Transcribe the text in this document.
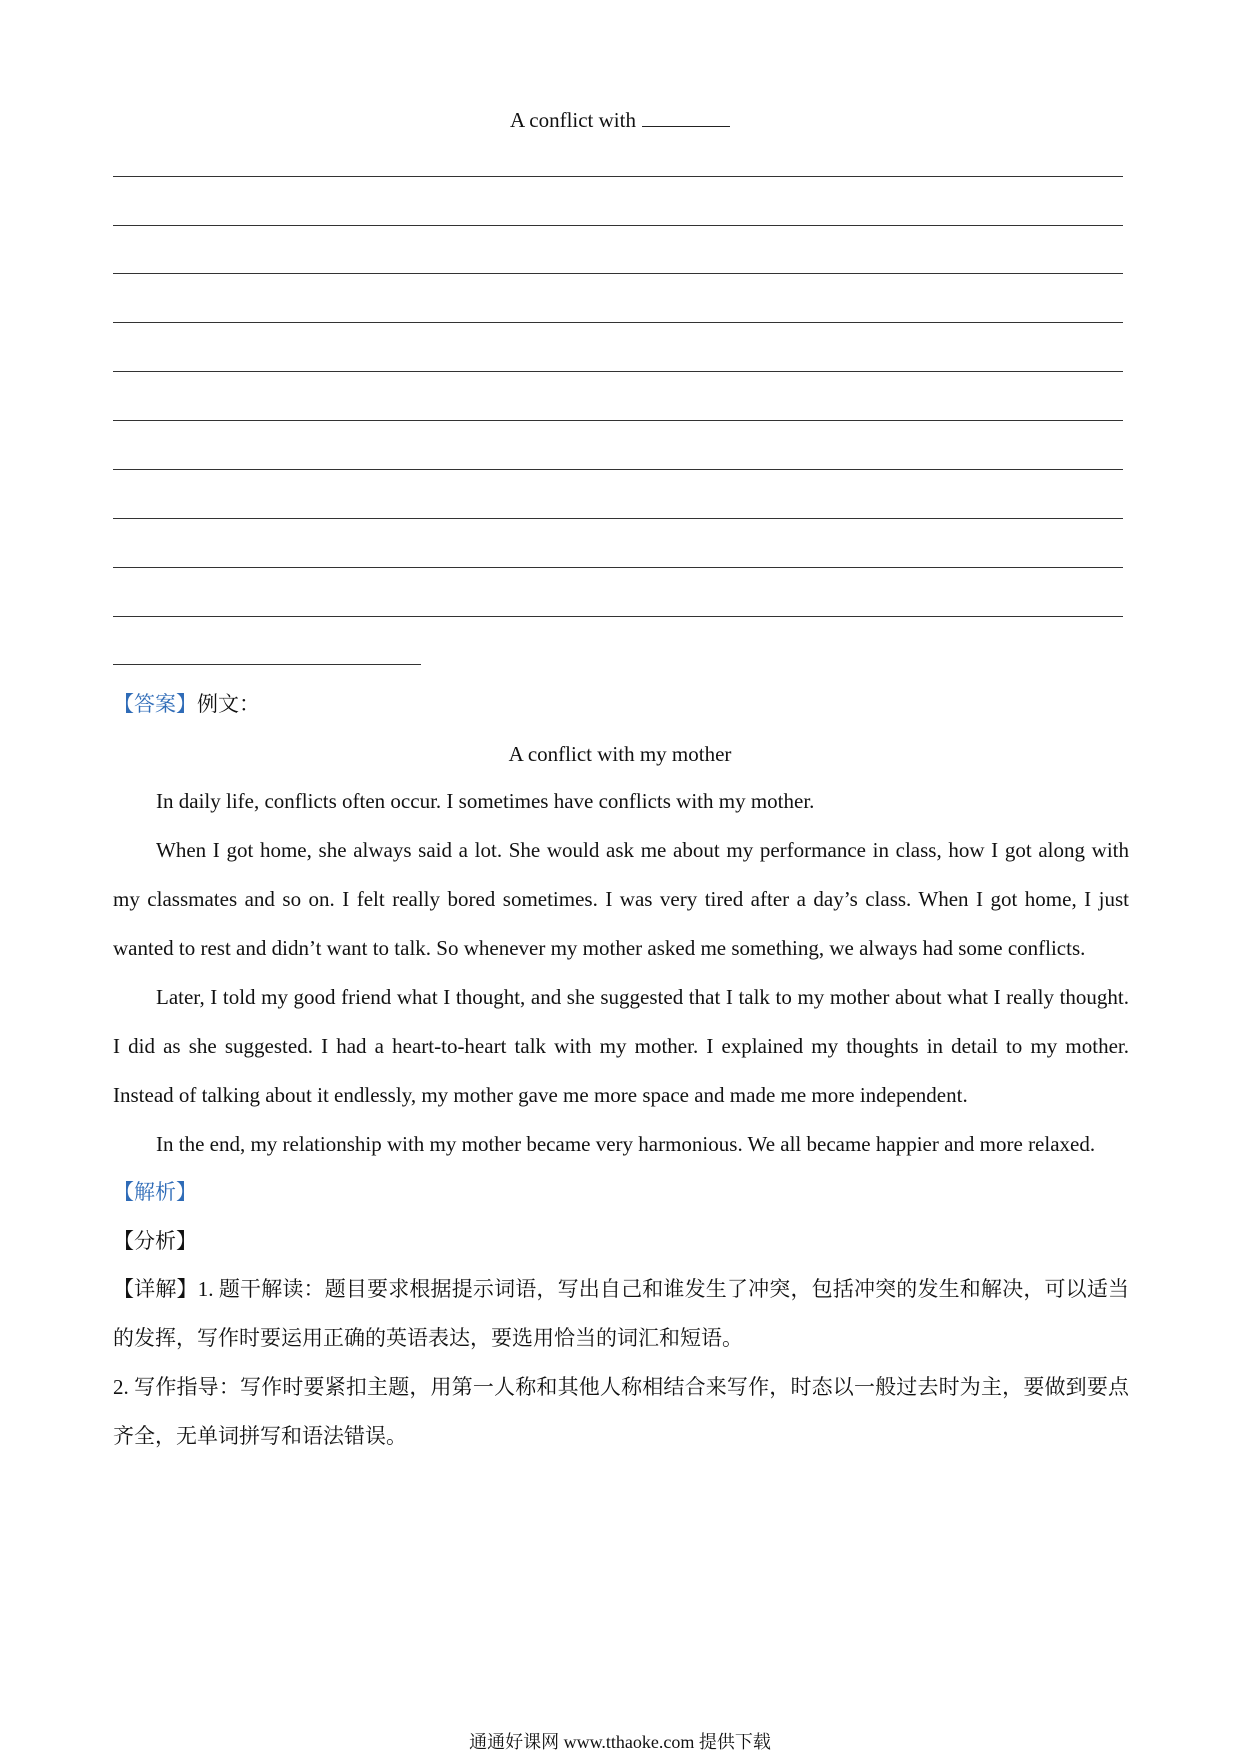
A conflict with
【答案】例文：
A conflict with my mother

In daily life, conflicts often occur. I sometimes have conflicts with my mother.

When I got home, she always said a lot. She would ask me about my performance in class, how I got along with my classmates and so on. I felt really bored sometimes. I was very tired after a day’s class. When I got home, I just wanted to rest and didn’t want to talk. So whenever my mother asked me something, we always had some conflicts.

Later, I told my good friend what I thought, and she suggested that I talk to my mother about what I really thought. I did as she suggested. I had a heart-to-heart talk with my mother. I explained my thoughts in detail to my mother. Instead of talking about it endlessly, my mother gave me more space and made me more independent.

In the end, my relationship with my mother became very harmonious. We all became happier and more relaxed.

【解析】
【分析】

【详解】1. 题干解读：题目要求根据提示词语，写出自己和谁发生了冲突，包括冲突的发生和解决，可以适当的发挥，写作时要运用正确的英语表达，要选用恰当的词汇和短语。

2. 写作指导：写作时要紧扣主题，用第一人称和其他人称相结合来写作，时态以一般过去时为主，要做到要点齐全，无单词拼写和语法错误。

通通好课网 www.tthaoke.com 提供下载
